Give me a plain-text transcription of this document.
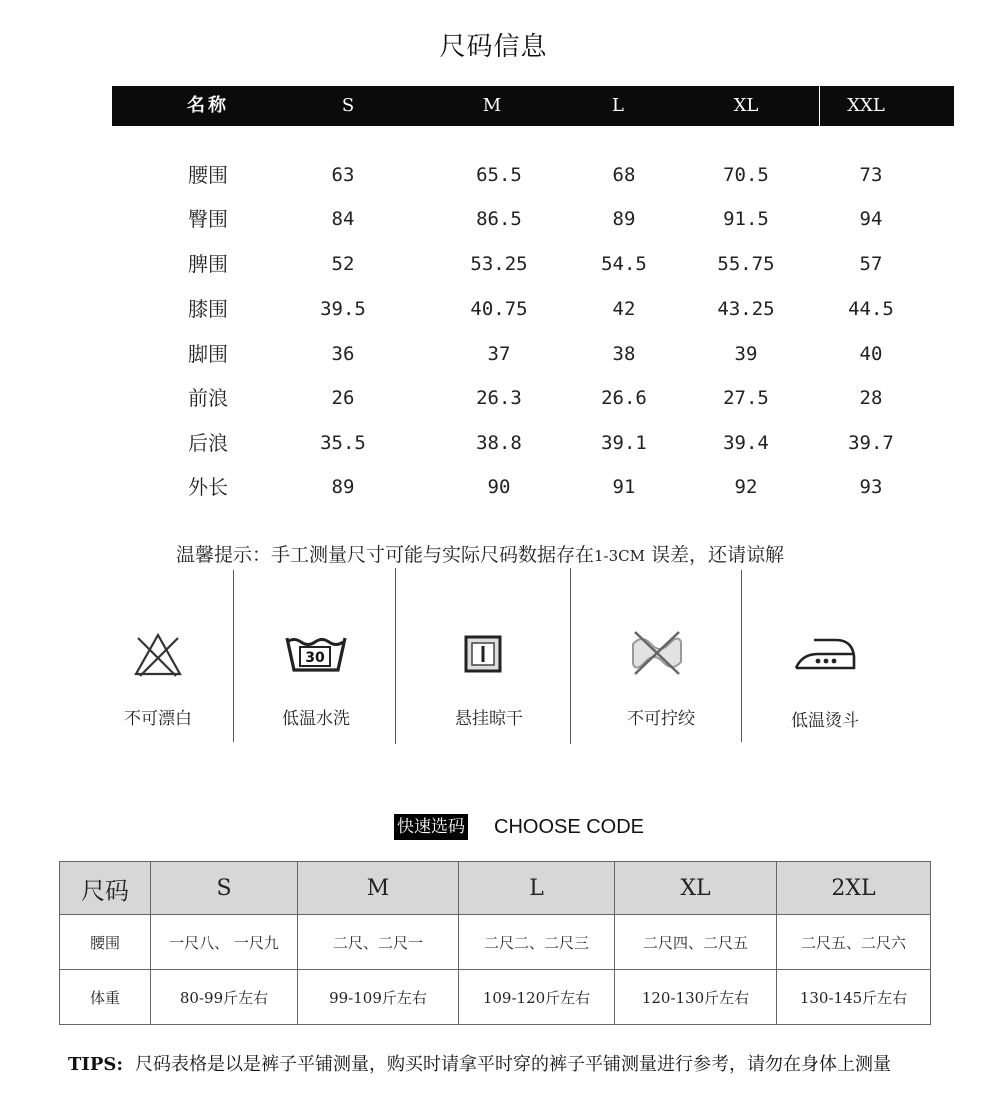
尺码信息
名称	S	M	L	XL	XXL
腰围	63	65.5	68	70.5	73
臀围	84	86.5	89	91.5	94
脾围	52	53.25	54.5	55.75	57
膝围	39.5	40.75	42	43.25	44.5
脚围	36	37	38	39	40
前浪	26	26.3	26.6	27.5	28
后浪	35.5	38.8	39.1	39.4	39.7
外长	89	90	91	92	93
温馨提示：手工测量尺寸可能与实际尺码数据存在1-3CM 误差，还请谅解
30
不可漂白	低温水洗	悬挂晾干	不可拧绞	低温烫斗
快速选码 CHOOSE CODE
尺码	S	M	L	XL	2XL
腰围	一尺八、 一尺九	二尺、二尺一	二尺二、二尺三	二尺四、二尺五	二尺五、二尺六
体重	80-99斤左右	99-109斤左右	109-120斤左右	120-130斤左右	130-145斤左右
TIPS: 尺码表格是以是裤子平铺测量，购买时请拿平时穿的裤子平铺测量进行参考，请勿在身体上测量
